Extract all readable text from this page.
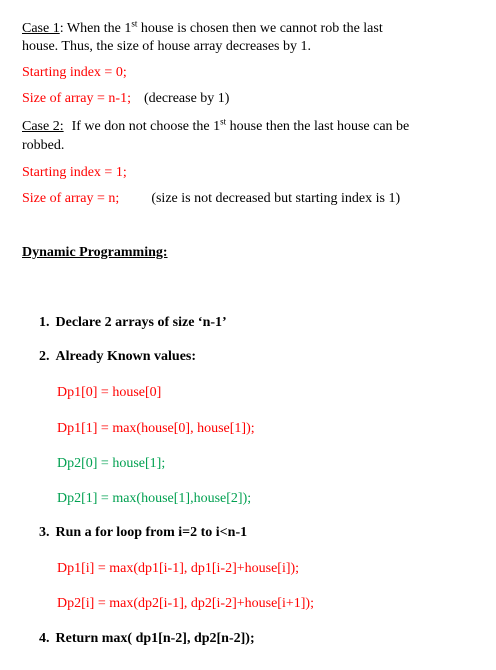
Case 1: When the 1st house is chosen then we cannot rob the last
house. Thus, the size of house array decreases by 1.
Starting index = 0;
Size of array = n-1; (decrease by 1)
Case 2: If we don not choose the 1st house then the last house can be
robbed.
Starting index = 1;
Size of array = n; (size is not decreased but starting index is 1)
Dynamic Programming:
1. Declare 2 arrays of size ‘n-1’
2. Already Known values:
Dp1[0] = house[0]
Dp1[1] = max(house[0], house[1]);
Dp2[0] = house[1];
Dp2[1] = max(house[1],house[2]);
3. Run a for loop from i=2 to i<n-1
Dp1[i] = max(dp1[i-1], dp1[i-2]+house[i]);
Dp2[i] = max(dp2[i-1], dp2[i-2]+house[i+1]);
4. Return max( dp1[n-2], dp2[n-2]);
